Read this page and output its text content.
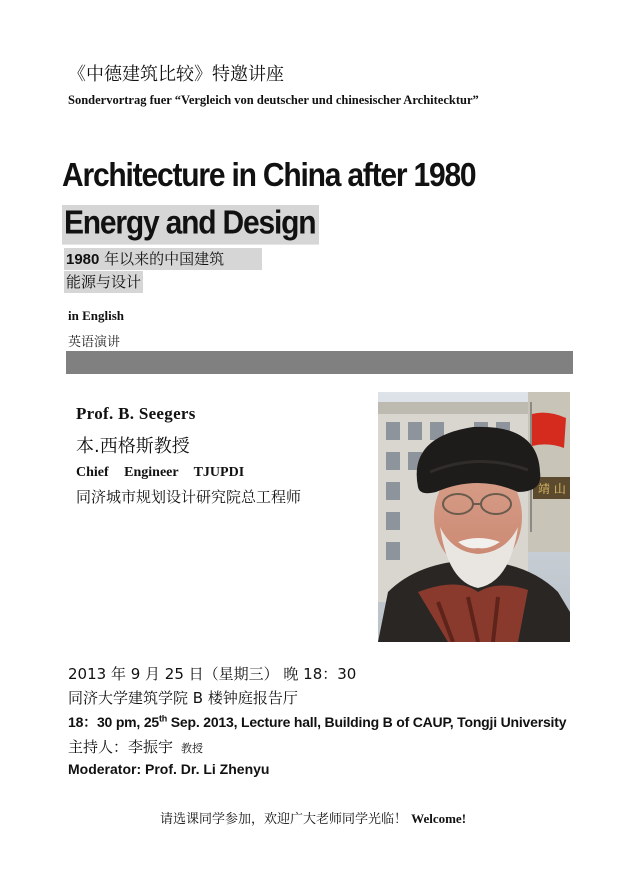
《中德建筑比较》特邀讲座
Sondervortrag fuer “Vergleich von deutscher und chinesischer Architecktur”
Architecture in China after 1980
Energy and Design
1980 年以来的中国建筑
能源与设计
in English
英语演讲
Prof. B. Seegers
本.西格斯教授
Chief Engineer TJUPDI
同济城市规划设计研究院总工程师	靖 山
2013 年 9 月 25 日（星期三） 晚 18：30
同济大学建筑学院 B 楼钟庭报告厅
18：30 pm, 25th Sep. 2013, Lecture hall, Building B of CAUP, Tongji University
主持人：李振宇 教授
Moderator: Prof. Dr. Li Zhenyu
请选课同学参加，欢迎广大老师同学光临！ Welcome!
